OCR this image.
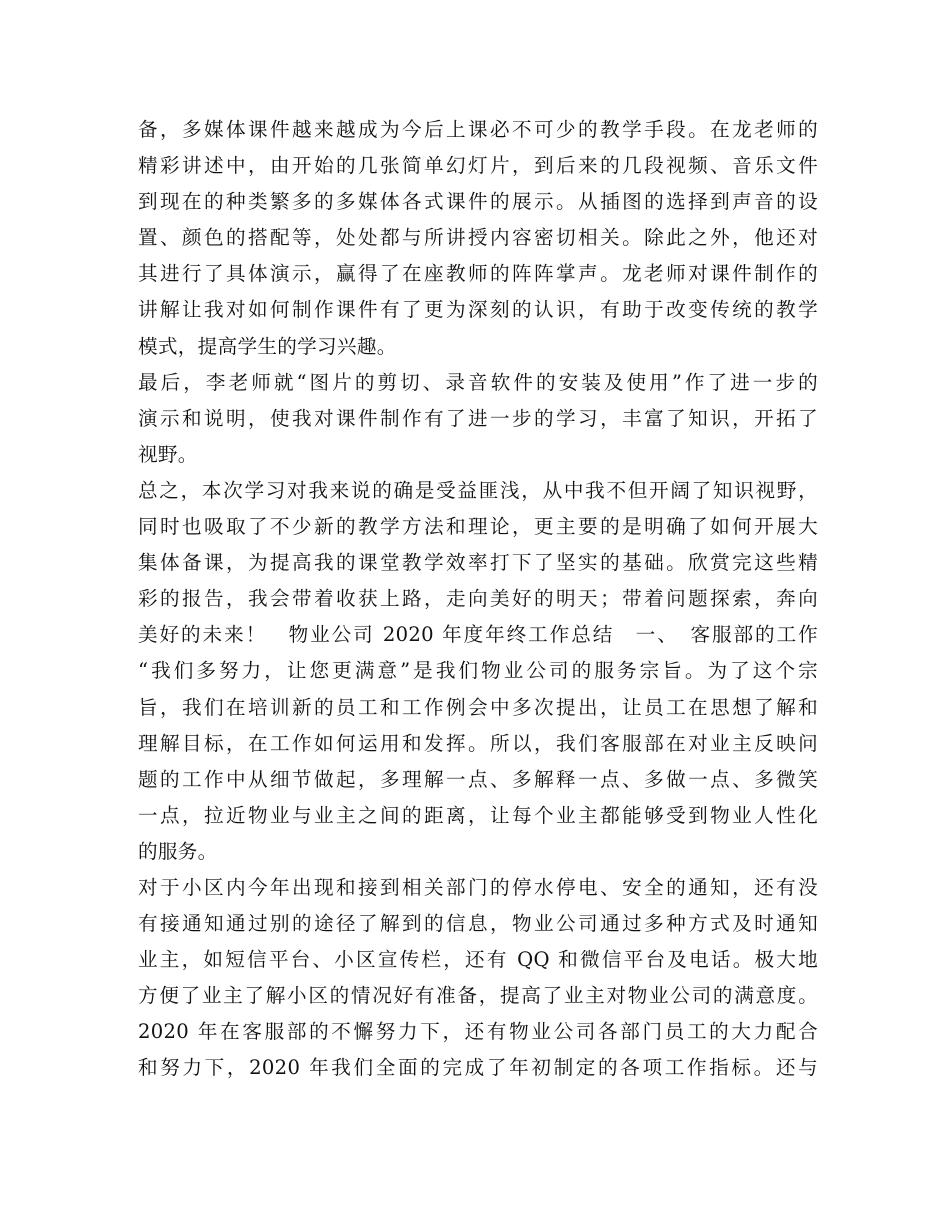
备，多媒体课件越来越成为今后上课必不可少的教学手段。在龙老师的
精彩讲述中，由开始的几张简单幻灯片，到后来的几段视频、音乐文件
到现在的种类繁多的多媒体各式课件的展示。从插图的选择到声音的设
置、颜色的搭配等，处处都与所讲授内容密切相关。除此之外，他还对
其进行了具体演示，赢得了在座教师的阵阵掌声。龙老师对课件制作的
讲解让我对如何制作课件有了更为深刻的认识，有助于改变传统的教学
模式，提高学生的学习兴趣。
最后，李老师就“图片的剪切、录音软件的安装及使用”作了进一步的
演示和说明，使我对课件制作有了进一步的学习，丰富了知识，开拓了
视野。
总之，本次学习对我来说的确是受益匪浅，从中我不但开阔了知识视野，
同时也吸取了不少新的教学方法和理论，更主要的是明确了如何开展大
集体备课，为提高我的课堂教学效率打下了坚实的基础。欣赏完这些精
彩的报告，我会带着收获上路，走向美好的明天；带着问题探索，奔向
美好的未来！　物业公司 2020 年度年终工作总结　一、　客服部的工作
“我们多努力，让您更满意”是我们物业公司的服务宗旨。为了这个宗
旨，我们在培训新的员工和工作例会中多次提出，让员工在思想了解和
理解目标，在工作如何运用和发挥。所以，我们客服部在对业主反映问
题的工作中从细节做起，多理解一点、多解释一点、多做一点、多微笑
一点，拉近物业与业主之间的距离，让每个业主都能够受到物业人性化
的服务。
对于小区内今年出现和接到相关部门的停水停电、安全的通知，还有没
有接通知通过别的途径了解到的信息，物业公司通过多种方式及时通知
业主，如短信平台、小区宣传栏，还有 QQ 和微信平台及电话。极大地
方便了业主了解小区的情况好有准备，提高了业主对物业公司的满意度。
2020 年在客服部的不懈努力下，还有物业公司各部门员工的大力配合
和努力下，2020 年我们全面的完成了年初制定的各项工作指标。还与
